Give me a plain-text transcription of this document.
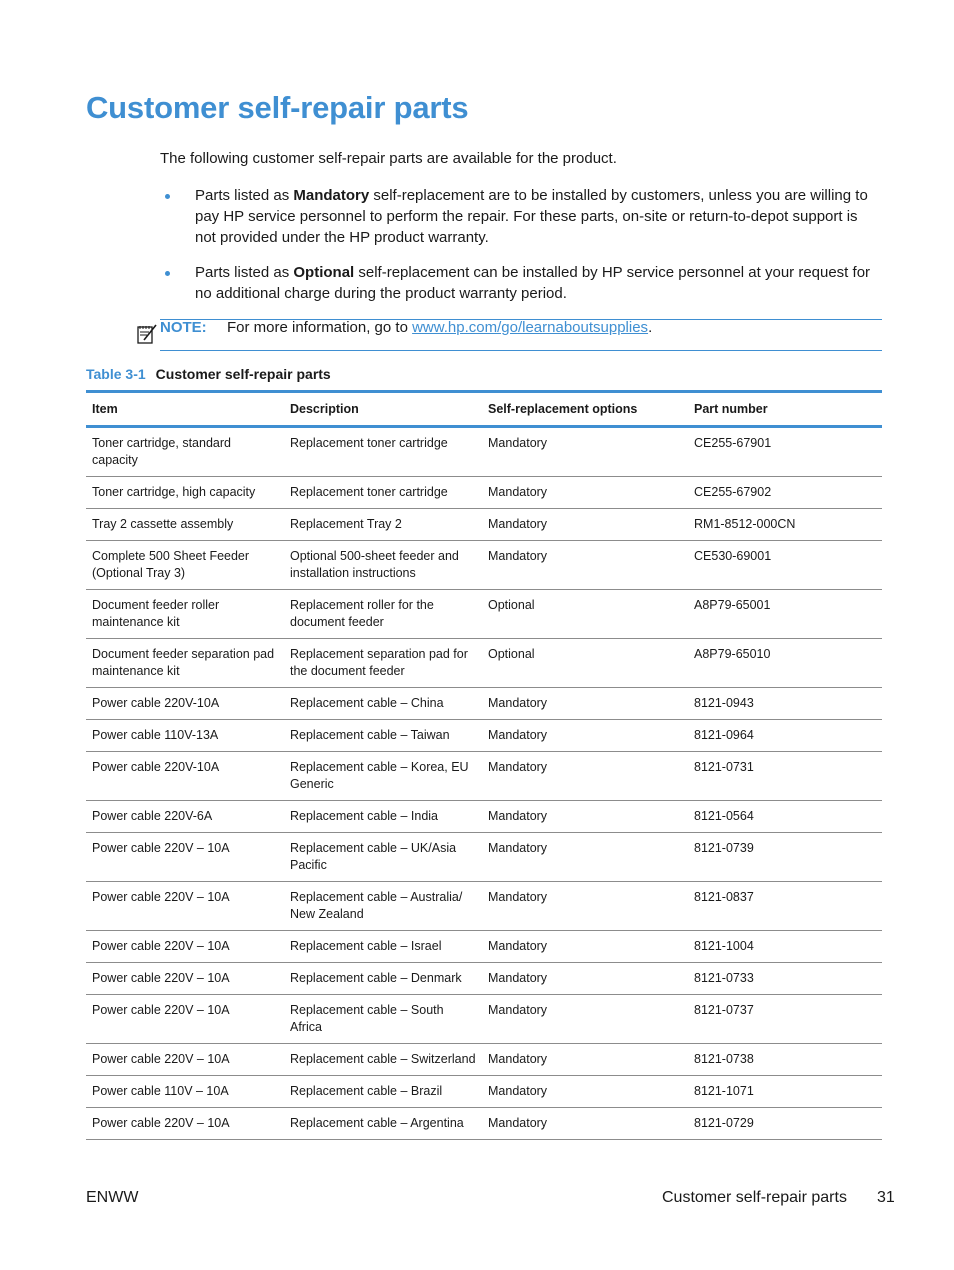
Customer self-repair parts
The following customer self-repair parts are available for the product.
Parts listed as Mandatory self-replacement are to be installed by customers, unless you are willing to pay HP service personnel to perform the repair. For these parts, on-site or return-to-depot support is not provided under the HP product warranty.
Parts listed as Optional self-replacement can be installed by HP service personnel at your request for no additional charge during the product warranty period.
NOTE: For more information, go to www.hp.com/go/learnaboutsupplies.
Table 3-1 Customer self-repair parts
Item	Description	Self-replacement options	Part number
Toner cartridge, standard capacity	Replacement toner cartridge	Mandatory	CE255-67901
Toner cartridge, high capacity	Replacement toner cartridge	Mandatory	CE255-67902
Tray 2 cassette assembly	Replacement Tray 2	Mandatory	RM1-8512-000CN
Complete 500 Sheet Feeder (Optional Tray 3)	Optional 500-sheet feeder and installation instructions	Mandatory	CE530-69001
Document feeder roller maintenance kit	Replacement roller for the document feeder	Optional	A8P79-65001
Document feeder separation pad maintenance kit	Replacement separation pad for the document feeder	Optional	A8P79-65010
Power cable 220V-10A	Replacement cable – China	Mandatory	8121-0943
Power cable 110V-13A	Replacement cable – Taiwan	Mandatory	8121-0964
Power cable 220V-10A	Replacement cable – Korea, EU Generic	Mandatory	8121-0731
Power cable 220V-6A	Replacement cable – India	Mandatory	8121-0564
Power cable 220V – 10A	Replacement cable – UK/Asia Pacific	Mandatory	8121-0739
Power cable 220V – 10A	Replacement cable – Australia/ New Zealand	Mandatory	8121-0837
Power cable 220V – 10A	Replacement cable – Israel	Mandatory	8121-1004
Power cable 220V – 10A	Replacement cable – Denmark	Mandatory	8121-0733
Power cable 220V – 10A	Replacement cable – South Africa	Mandatory	8121-0737
Power cable 220V – 10A	Replacement cable – Switzerland	Mandatory	8121-0738
Power cable 110V – 10A	Replacement cable – Brazil	Mandatory	8121-1071
Power cable 220V – 10A	Replacement cable – Argentina	Mandatory	8121-0729
ENWW	Customer self-repair parts 31
